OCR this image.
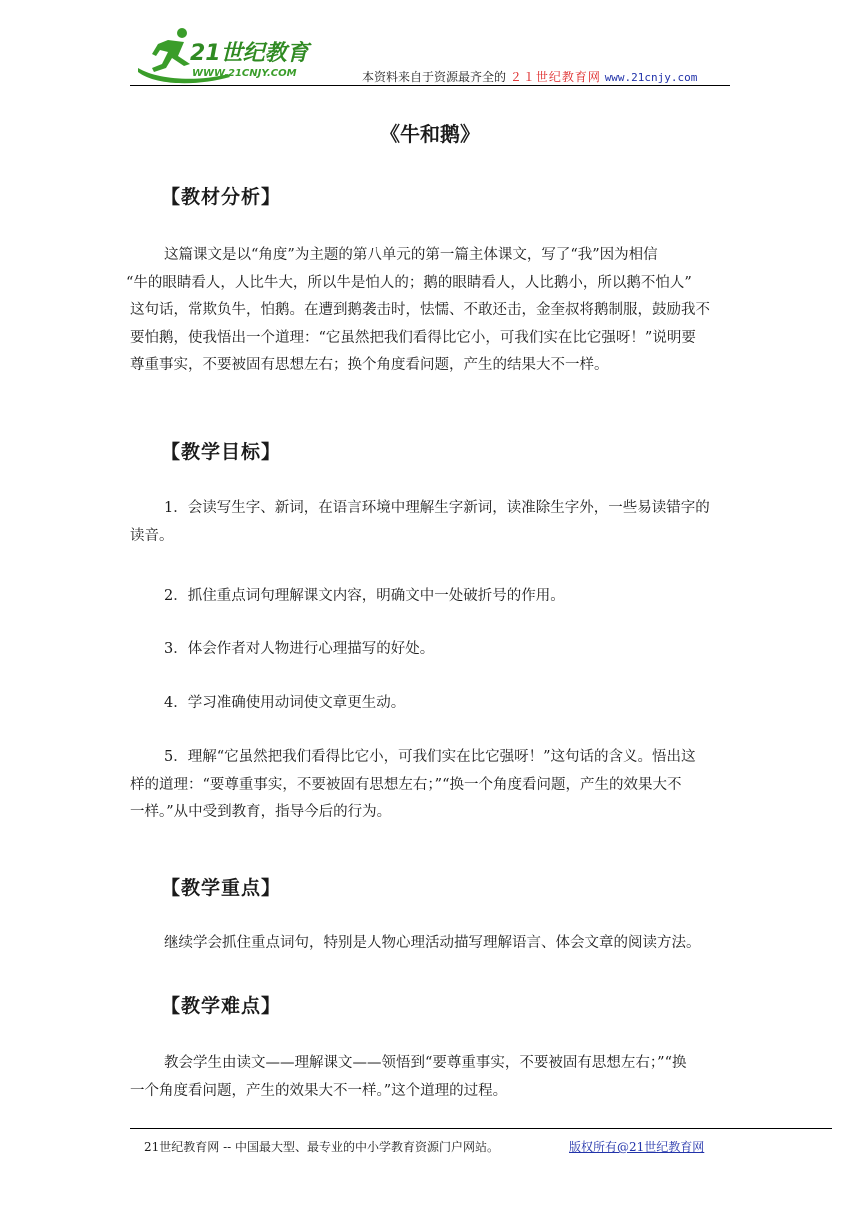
21世纪教育
WWW.21CNJY.COM	本资料来自于资源最齐全的 ２１世纪教育网 www.21cnjy.com
《牛和鹅》
【教材分析】
这篇课文是以“角度”为主题的第八单元的第一篇主体课文，写了“我”因为相信
“牛的眼睛看人，人比牛大，所以牛是怕人的；鹅的眼睛看人，人比鹅小，所以鹅不怕人”
这句话，常欺负牛，怕鹅。在遭到鹅袭击时，怯懦、不敢还击，金奎叔将鹅制服，鼓励我不
要怕鹅，使我悟出一个道理：“它虽然把我们看得比它小，可我们实在比它强呀！”说明要
尊重事实，不要被固有思想左右；换个角度看问题，产生的结果大不一样。
【教学目标】
1．会读写生字、新词，在语言环境中理解生字新词，读准除生字外，一些易读错字的
读音。
2．抓住重点词句理解课文内容，明确文中一处破折号的作用。
3．体会作者对人物进行心理描写的好处。
4．学习准确使用动词使文章更生动。
5．理解“它虽然把我们看得比它小，可我们实在比它强呀！”这句话的含义。悟出这
样的道理：“要尊重事实，不要被固有思想左右；”“换一个角度看问题，产生的效果大不
一样。”从中受到教育，指导今后的行为。
【教学重点】
继续学会抓住重点词句，特别是人物心理活动描写理解语言、体会文章的阅读方法。
【教学难点】
教会学生由读文——理解课文——领悟到“要尊重事实，不要被固有思想左右；”“换
一个角度看问题，产生的效果大不一样。”这个道理的过程。
21世纪教育网 -- 中国最大型、最专业的中小学教育资源门户网站。	版权所有@21世纪教育网
